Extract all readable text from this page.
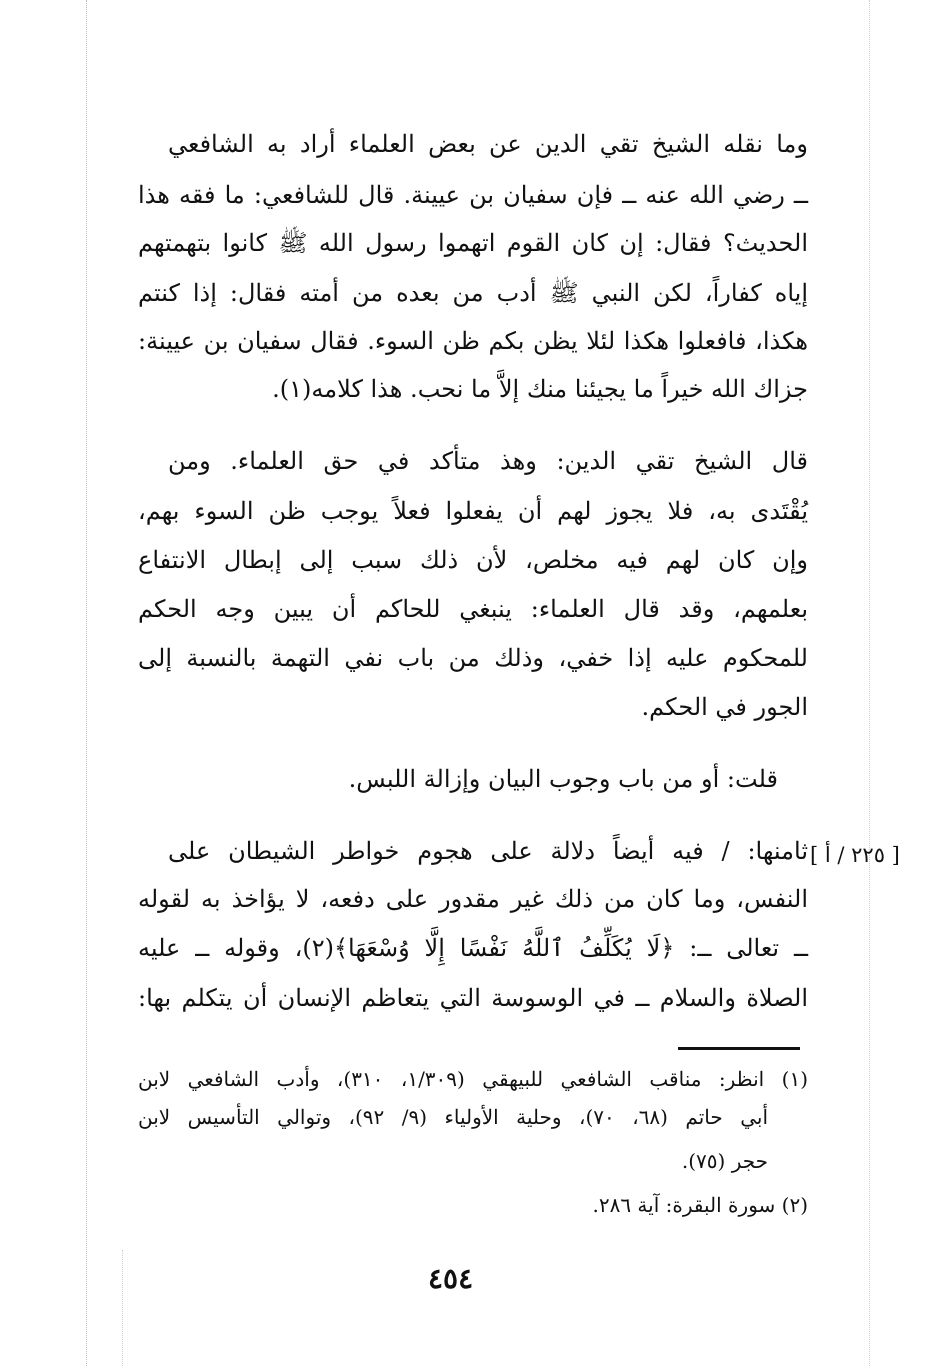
وما نقله الشيخ تقي الدين عن بعض العلماء أراد به الشافعي
ــ رضي الله عنه ــ فإن سفيان بن عيينة. قال للشافعي: ما فقه هذا
الحديث؟ فقال: إن كان القوم اتهموا رسول الله ﷺ كانوا بتهمتهم
إياه كفاراً، لكن النبي ﷺ أدب من بعده من أمته فقال: إذا كنتم
هكذا، فافعلوا هكذا لئلا يظن بكم ظن السوء. فقال سفيان بن عيينة:
جزاك الله خيراً ما يجيئنا منك إلاَّ ما نحب. هذا كلامه(١).
قال الشيخ تقي الدين: وهذ متأكد في حق العلماء. ومن
يُقْتَدى به، فلا يجوز لهم أن يفعلوا فعلاً يوجب ظن السوء بهم،
وإن كان لهم فيه مخلص، لأن ذلك سبب إلى إبطال الانتفاع
بعلمهم، وقد قال العلماء: ينبغي للحاكم أن يبين وجه الحكم
للمحكوم عليه إذا خفي، وذلك من باب نفي التهمة بالنسبة إلى
الجور في الحكم.
قلت: أو من باب وجوب البيان وإزالة اللبس.
[ ٢٢٥ / أ ]
ثامنها: / فيه أيضاً دلالة على هجوم خواطر الشيطان على
النفس، وما كان من ذلك غير مقدور على دفعه، لا يؤاخذ به لقوله
ــ تعالى ــ: ﴿لَا يُكَلِّفُ ٱللَّهُ نَفْسًا إِلَّا وُسْعَهَا﴾(٢)، وقوله ــ عليه
الصلاة والسلام ــ في الوسوسة التي يتعاظم الإنسان أن يتكلم بها:
(١) انظر: مناقب الشافعي للبيهقي (١/٣٠٩، ٣١٠)، وأدب الشافعي لابن
أبي حاتم (٦٨، ٧٠)، وحلية الأولياء (٩/ ٩٢)، وتوالي التأسيس لابن
حجر (٧٥).
(٢) سورة البقرة: آية ٢٨٦.
٤٥٤
